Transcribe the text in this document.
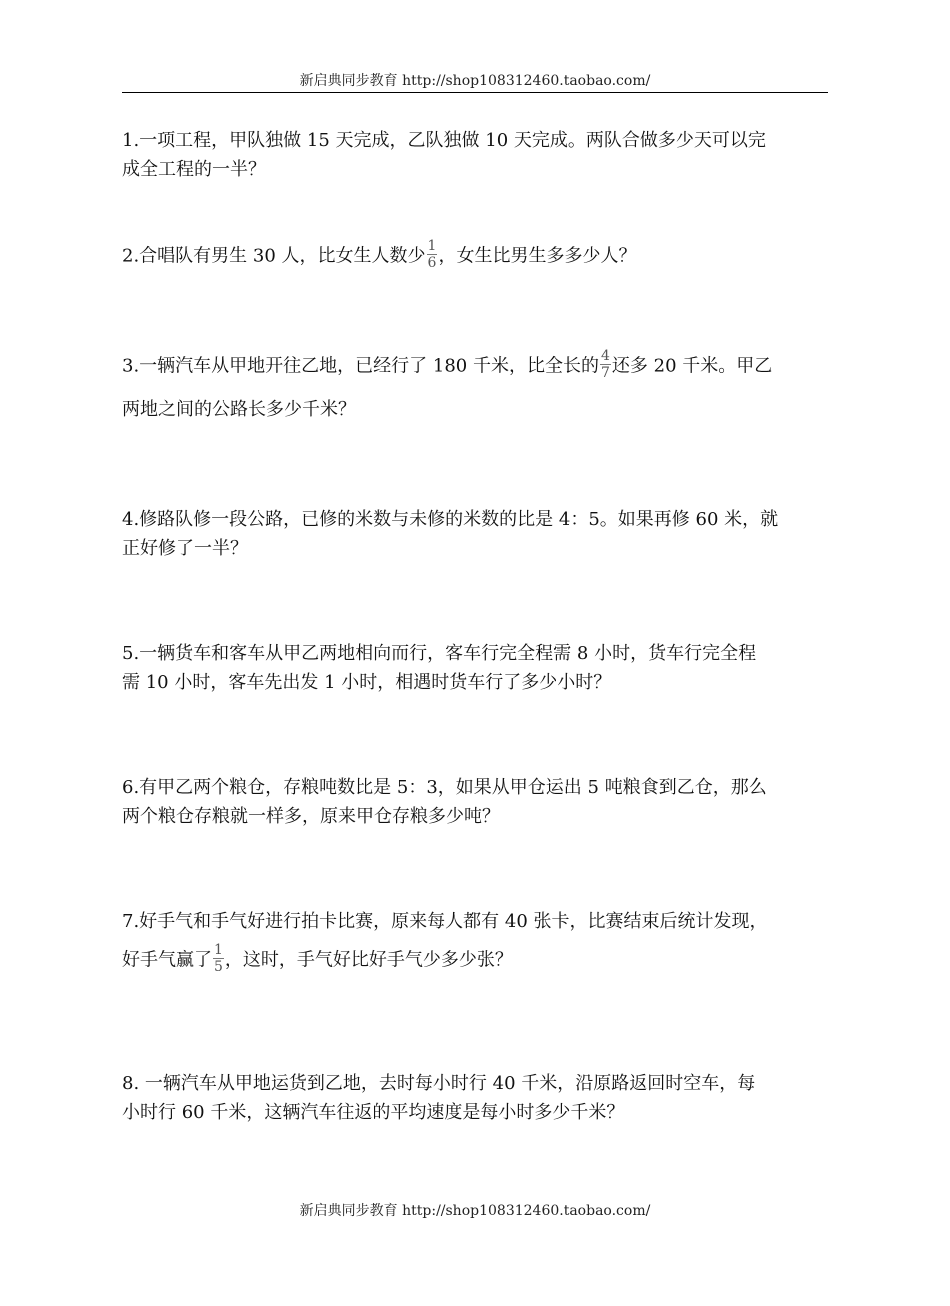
新启典同步教育 http://shop108312460.taobao.com/
1.一项工程，甲队独做 15 天完成，乙队独做 10 天完成。两队合做多少天可以完
成全工程的一半？
2.合唱队有男生 30 人，比女生人数少 $\frac{1}{6}$ ，女生比男生多多少人？
3.一辆汽车从甲地开往乙地，已经行了 180 千米，比全长的 $\frac{4}{7}$ 还多 20 千米。甲乙
两地之间的公路长多少千米？
4.修路队修一段公路，已修的米数与未修的米数的比是 4：5。如果再修 60 米，就
正好修了一半？
5.一辆货车和客车从甲乙两地相向而行，客车行完全程需 8 小时，货车行完全程
需 10 小时，客车先出发 1 小时，相遇时货车行了多少小时？
6.有甲乙两个粮仓，存粮吨数比是 5：3，如果从甲仓运出 5 吨粮食到乙仓，那么
两个粮仓存粮就一样多，原来甲仓存粮多少吨？
7.好手气和手气好进行拍卡比赛，原来每人都有 40 张卡，比赛结束后统计发现，
好手气赢了 $\frac{1}{5}$ ，这时，手气好比好手气少多少张？
8. 一辆汽车从甲地运货到乙地，去时每小时行 40 千米，沿原路返回时空车，每
小时行 60 千米，这辆汽车往返的平均速度是每小时多少千米？
新启典同步教育 http://shop108312460.taobao.com/
